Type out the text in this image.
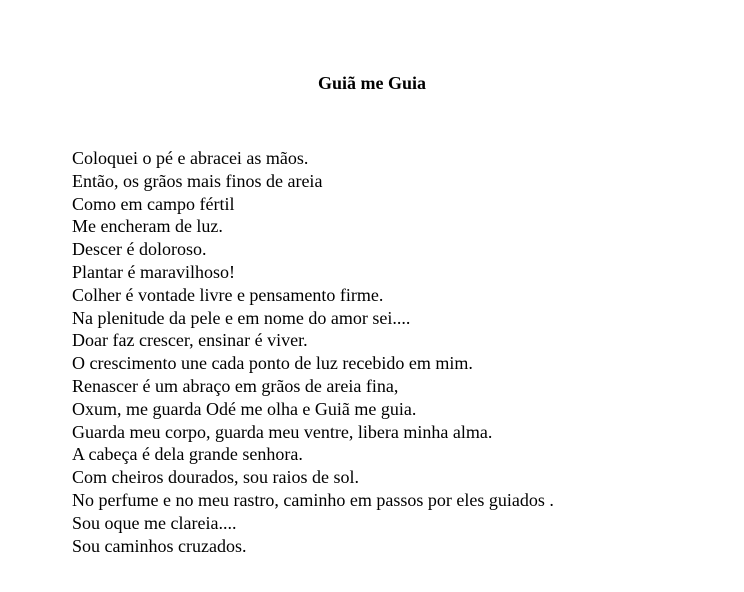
Guiã me Guia
Coloquei o pé e abracei as mãos.
Então, os grãos mais finos de areia
Como em campo fértil
Me encheram de luz.
Descer é doloroso.
Plantar é maravilhoso!
Colher é vontade livre e pensamento firme.
Na plenitude da pele e em nome do amor sei....
Doar faz crescer, ensinar é viver.
O crescimento une cada ponto de luz recebido em mim.
Renascer é um abraço em grãos de areia fina,
Oxum, me guarda Odé me olha e Guiã me guia.
Guarda meu corpo, guarda meu ventre, libera minha alma.
A cabeça é dela grande senhora.
Com cheiros dourados, sou raios de sol.
No perfume e no meu rastro, caminho em passos por eles guiados .
Sou oque me clareia....
Sou caminhos cruzados.
